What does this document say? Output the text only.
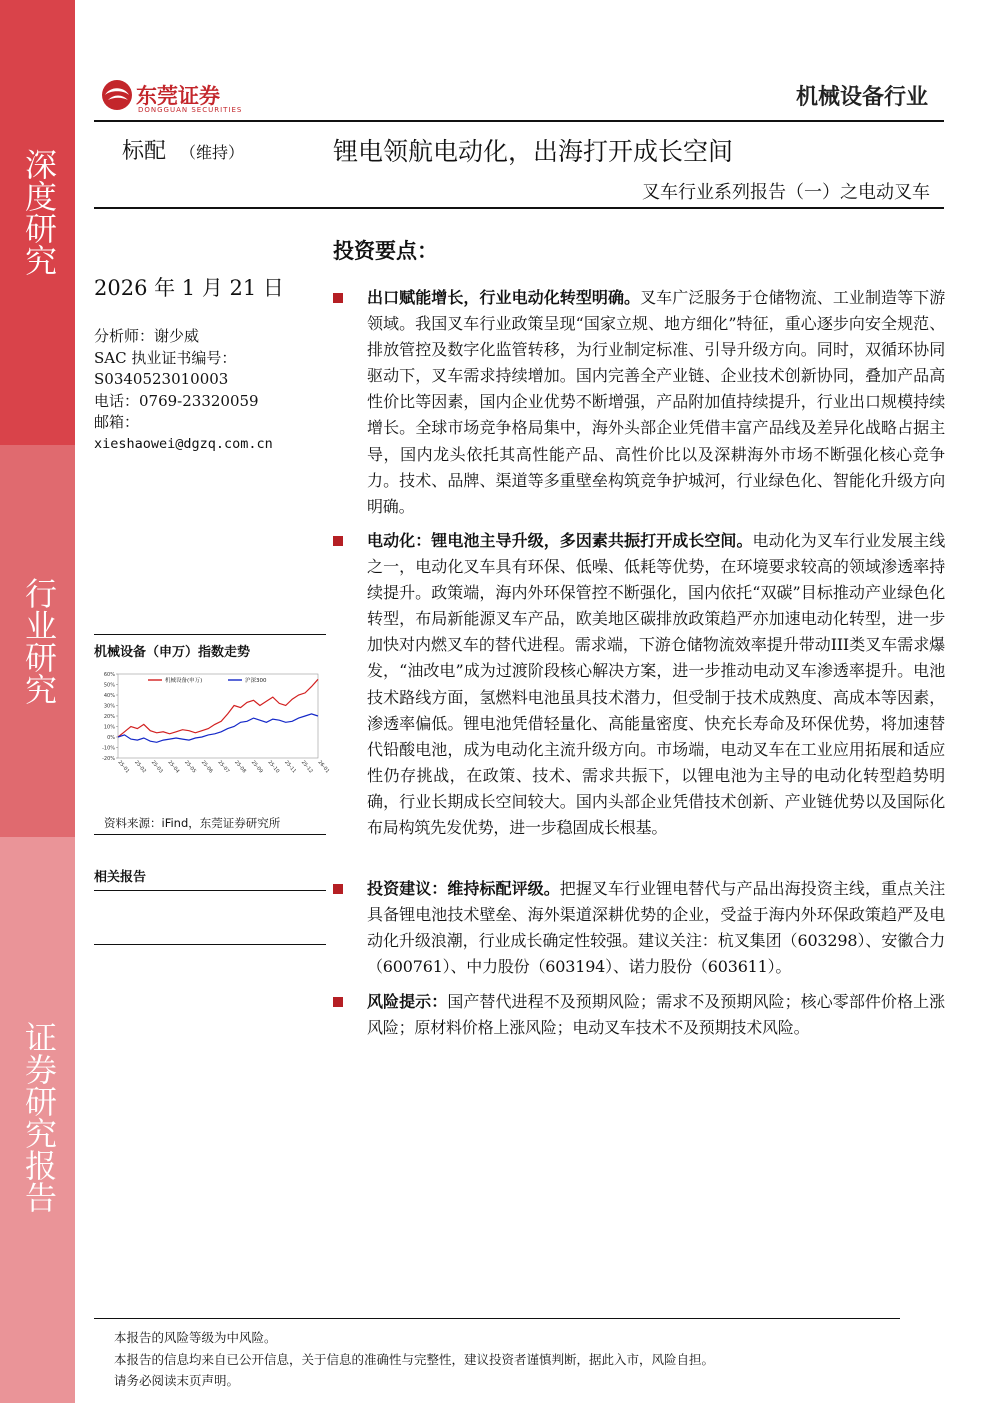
深度研究
行业研究
证券研究报告
东莞证券
DONGGUAN SECURITIES	机械设备行业
标配 （维持）	锂电领航电动化，出海打开成长空间
叉车行业系列报告（一）之电动叉车
2026 年 1 月 21 日
分析师：谢少威
SAC 执业证书编号：
S0340523010003
电话：0769-23320059
邮箱：
xieshaowei@dgzq.com.cn
机械设备（申万）指数走势
60%
50%
40%
30%
20%
10%
0%
-10%
-20%
25-01 25-02 25-03 25-04 25-05 25-06 25-07 25-08 25-09 25-10 25-11 25-12 26-01
机械设备(申万)	沪深300
资料来源：iFind，东莞证券研究所
相关报告
投资要点：
出口赋能增长，行业电动化转型明确。叉车广泛服务于仓储物流、工业制造等下游领域。我国叉车行业政策呈现“国家立规、地方细化”特征，重心逐步向安全规范、排放管控及数字化监管转移，为行业制定标准、引导升级方向。同时，双循环协同驱动下，叉车需求持续增加。国内完善全产业链、企业技术创新协同，叠加产品高性价比等因素，国内企业优势不断增强，产品附加值持续提升，行业出口规模持续增长。全球市场竞争格局集中，海外头部企业凭借丰富产品线及差异化战略占据主导，国内龙头依托其高性能产品、高性价比以及深耕海外市场不断强化核心竞争力。技术、品牌、渠道等多重壁垒构筑竞争护城河，行业绿色化、智能化升级方向明确。
电动化：锂电池主导升级，多因素共振打开成长空间。电动化为叉车行业发展主线之一，电动化叉车具有环保、低噪、低耗等优势，在环境要求较高的领域渗透率持续提升。政策端，海内外环保管控不断强化，国内依托“双碳”目标推动产业绿色化转型，布局新能源叉车产品，欧美地区碳排放政策趋严亦加速电动化转型，进一步加快对内燃叉车的替代进程。需求端，下游仓储物流效率提升带动III类叉车需求爆发，“油改电”成为过渡阶段核心解决方案，进一步推动电动叉车渗透率提升。电池技术路线方面，氢燃料电池虽具技术潜力，但受制于技术成熟度、高成本等因素，渗透率偏低。锂电池凭借轻量化、高能量密度、快充长寿命及环保优势，将加速替代铅酸电池，成为电动化主流升级方向。市场端，电动叉车在工业应用拓展和适应性仍存挑战，在政策、技术、需求共振下，以锂电池为主导的电动化转型趋势明确，行业长期成长空间较大。国内头部企业凭借技术创新、产业链优势以及国际化布局构筑先发优势，进一步稳固成长根基。
投资建议：维持标配评级。把握叉车行业锂电替代与产品出海投资主线，重点关注具备锂电池技术壁垒、海外渠道深耕优势的企业，受益于海内外环保政策趋严及电动化升级浪潮，行业成长确定性较强。建议关注：杭叉集团（603298）、安徽合力（600761）、中力股份（603194）、诺力股份（603611）。
风险提示：国产替代进程不及预期风险；需求不及预期风险；核心零部件价格上涨风险；原材料价格上涨风险；电动叉车技术不及预期技术风险。
本报告的风险等级为中风险。
本报告的信息均来自已公开信息，关于信息的准确性与完整性，建议投资者谨慎判断，据此入市，风险自担。
请务必阅读末页声明。
